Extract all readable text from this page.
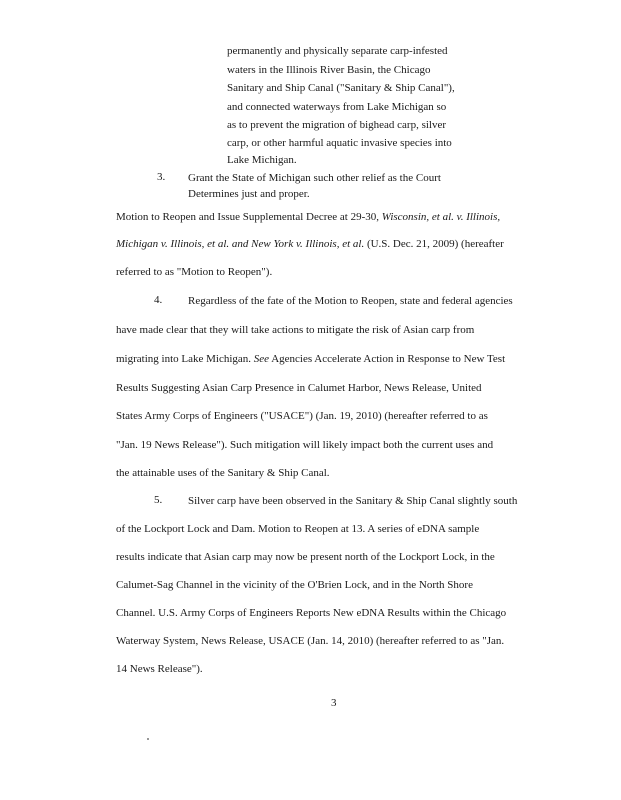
permanently and physically separate carp-infested
waters in the Illinois River Basin, the Chicago
Sanitary and Ship Canal ("Sanitary & Ship Canal"),
and connected waterways from Lake Michigan so
as to prevent the migration of bighead carp, silver
carp, or other harmful aquatic invasive species into
Lake Michigan.
3. Grant the State of Michigan such other relief as the Court
Determines just and proper.
Motion to Reopen and Issue Supplemental Decree at 29-30, Wisconsin, et al. v. Illinois,
Michigan v. Illinois, et al. and New York v. Illinois, et al. (U.S. Dec. 21, 2009) (hereafter
referred to as "Motion to Reopen").
4. Regardless of the fate of the Motion to Reopen, state and federal agencies
have made clear that they will take actions to mitigate the risk of Asian carp from
migrating into Lake Michigan. See Agencies Accelerate Action in Response to New Test
Results Suggesting Asian Carp Presence in Calumet Harbor, News Release, United
States Army Corps of Engineers ("USACE") (Jan. 19, 2010) (hereafter referred to as
"Jan. 19 News Release"). Such mitigation will likely impact both the current uses and
the attainable uses of the Sanitary & Ship Canal.
5. Silver carp have been observed in the Sanitary & Ship Canal slightly south
of the Lockport Lock and Dam. Motion to Reopen at 13. A series of eDNA sample
results indicate that Asian carp may now be present north of the Lockport Lock, in the
Calumet-Sag Channel in the vicinity of the O'Brien Lock, and in the North Shore
Channel. U.S. Army Corps of Engineers Reports New eDNA Results within the Chicago
Waterway System, News Release, USACE (Jan. 14, 2010) (hereafter referred to as "Jan.
14 News Release").
3
